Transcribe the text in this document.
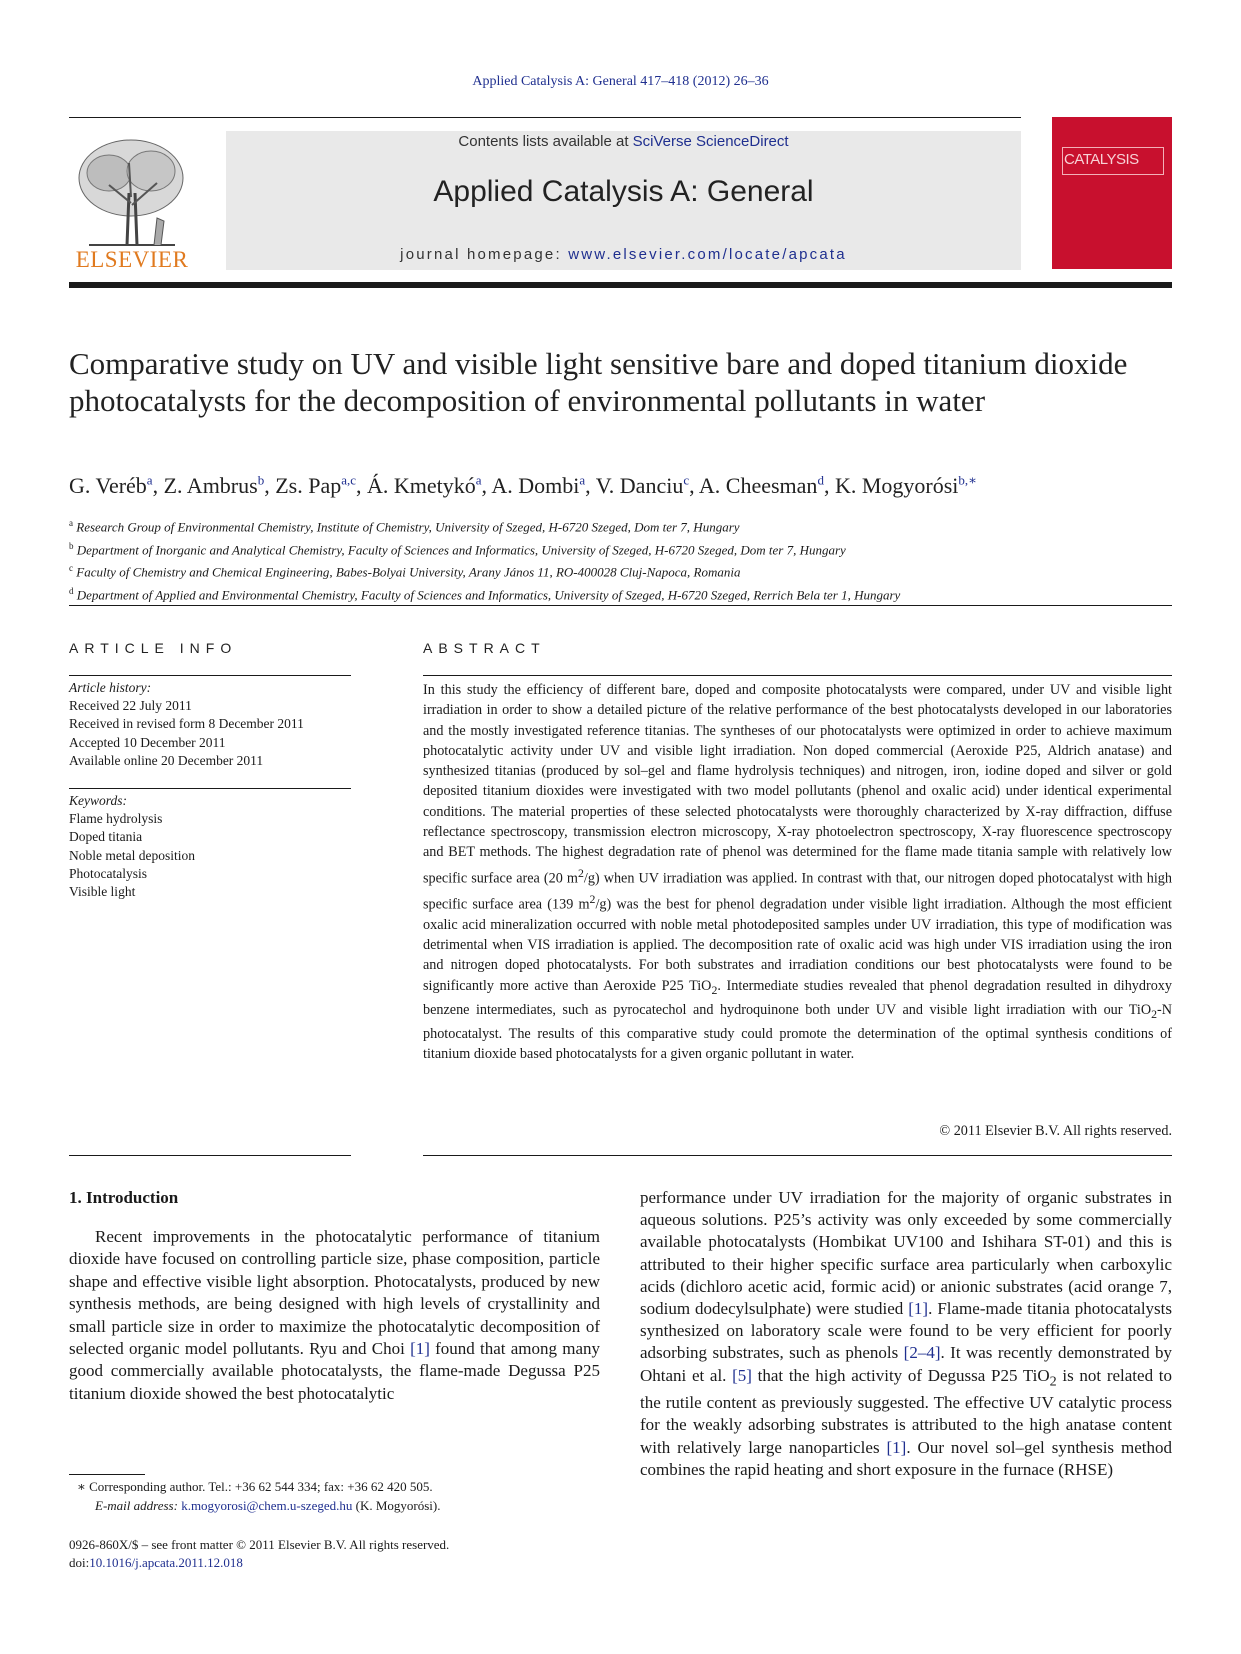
Applied Catalysis A: General 417–418 (2012) 26–36
ELSEVIER
Contents lists available at SciVerse ScienceDirect
Applied Catalysis A: General
journal homepage: www.elsevier.com/locate/apcata
CATALYSIS
Comparative study on UV and visible light sensitive bare and doped titanium dioxide photocatalysts for the decomposition of environmental pollutants in water
G. Veréb$^a$, Z. Ambrus$^b$, Zs. Pap$^{a,c}$, Á. Kmetykó$^a$, A. Dombi$^a$, V. Danciu$^c$, A. Cheesman$^d$, K. Mogyorósi$^{b,∗}$
$^a$ Research Group of Environmental Chemistry, Institute of Chemistry, University of Szeged, H-6720 Szeged, Dom ter 7, Hungary
$^b$ Department of Inorganic and Analytical Chemistry, Faculty of Sciences and Informatics, University of Szeged, H-6720 Szeged, Dom ter 7, Hungary
$^c$ Faculty of Chemistry and Chemical Engineering, Babes-Bolyai University, Arany János 11, RO-400028 Cluj-Napoca, Romania
$^d$ Department of Applied and Environmental Chemistry, Faculty of Sciences and Informatics, University of Szeged, H-6720 Szeged, Rerrich Bela ter 1, Hungary
ARTICLE INFO	ABSTRACT
Article history:
Received 22 July 2011
Received in revised form 8 December 2011
Accepted 10 December 2011
Available online 20 December 2011
Keywords:
Flame hydrolysis
Doped titania
Noble metal deposition
Photocatalysis
Visible light
In this study the efficiency of different bare, doped and composite photocatalysts were compared, under UV and visible light irradiation in order to show a detailed picture of the relative performance of the best photocatalysts developed in our laboratories and the mostly investigated reference titanias. The syntheses of our photocatalysts were optimized in order to achieve maximum photocatalytic activity under UV and visible light irradiation. Non doped commercial (Aeroxide P25, Aldrich anatase) and synthesized titanias (produced by sol–gel and flame hydrolysis techniques) and nitrogen, iron, iodine doped and silver or gold deposited titanium dioxides were investigated with two model pollutants (phenol and oxalic acid) under identical experimental conditions. The material properties of these selected photocatalysts were thoroughly characterized by X-ray diffraction, diffuse reflectance spectroscopy, transmission electron microscopy, X-ray photoelectron spectroscopy, X-ray fluorescence spectroscopy and BET methods. The highest degradation rate of phenol was determined for the flame made titania sample with relatively low specific surface area (20 $m^2/g$) when UV irradiation was applied. In contrast with that, our nitrogen doped photocatalyst with high specific surface area (139 $m^2/g$) was the best for phenol degradation under visible light irradiation. Although the most efficient oxalic acid mineralization occurred with noble metal photodeposited samples under UV irradiation, this type of modification was detrimental when VIS irradiation is applied. The decomposition rate of oxalic acid was high under VIS irradiation using the iron and nitrogen doped photocatalysts. For both substrates and irradiation conditions our best photocatalysts were found to be significantly more active than Aeroxide P25 TiO$_2$. Intermediate studies revealed that phenol degradation resulted in dihydroxy benzene intermediates, such as pyrocatechol and hydroquinone both under UV and visible light irradiation with our TiO$_2$-N photocatalyst. The results of this comparative study could promote the determination of the optimal synthesis conditions of titanium dioxide based photocatalysts for a given organic pollutant in water.
© 2011 Elsevier B.V. All rights reserved.
1. Introduction
Recent improvements in the photocatalytic performance of titanium dioxide have focused on controlling particle size, phase composition, particle shape and effective visible light absorption. Photocatalysts, produced by new synthesis methods, are being designed with high levels of crystallinity and small particle size in order to maximize the photocatalytic decomposition of selected organic model pollutants. Ryu and Choi [1] found that among many good commercially available photocatalysts, the flame-made Degussa P25 titanium dioxide showed the best photocatalytic
performance under UV irradiation for the majority of organic substrates in aqueous solutions. P25’s activity was only exceeded by some commercially available photocatalysts (Hombikat UV100 and Ishihara ST-01) and this is attributed to their higher specific surface area particularly when carboxylic acids (dichloro acetic acid, formic acid) or anionic substrates (acid orange 7, sodium dodecylsulphate) were studied [1]. Flame-made titania photocatalysts synthesized on laboratory scale were found to be very efficient for poorly adsorbing substrates, such as phenols [2–4]. It was recently demonstrated by Ohtani et al. [5] that the high activity of Degussa P25 TiO$_2$ is not related to the rutile content as previously suggested. The effective UV catalytic process for the weakly adsorbing substrates is attributed to the high anatase content with relatively large nanoparticles [1]. Our novel sol–gel synthesis method combines the rapid heating and short exposure in the furnace (RHSE)
∗ Corresponding author. Tel.: +36 62 544 334; fax: +36 62 420 505.
E-mail address: k.mogyorosi@chem.u-szeged.hu (K. Mogyorósi).
0926-860X/$ – see front matter © 2011 Elsevier B.V. All rights reserved.
doi:10.1016/j.apcata.2011.12.018
